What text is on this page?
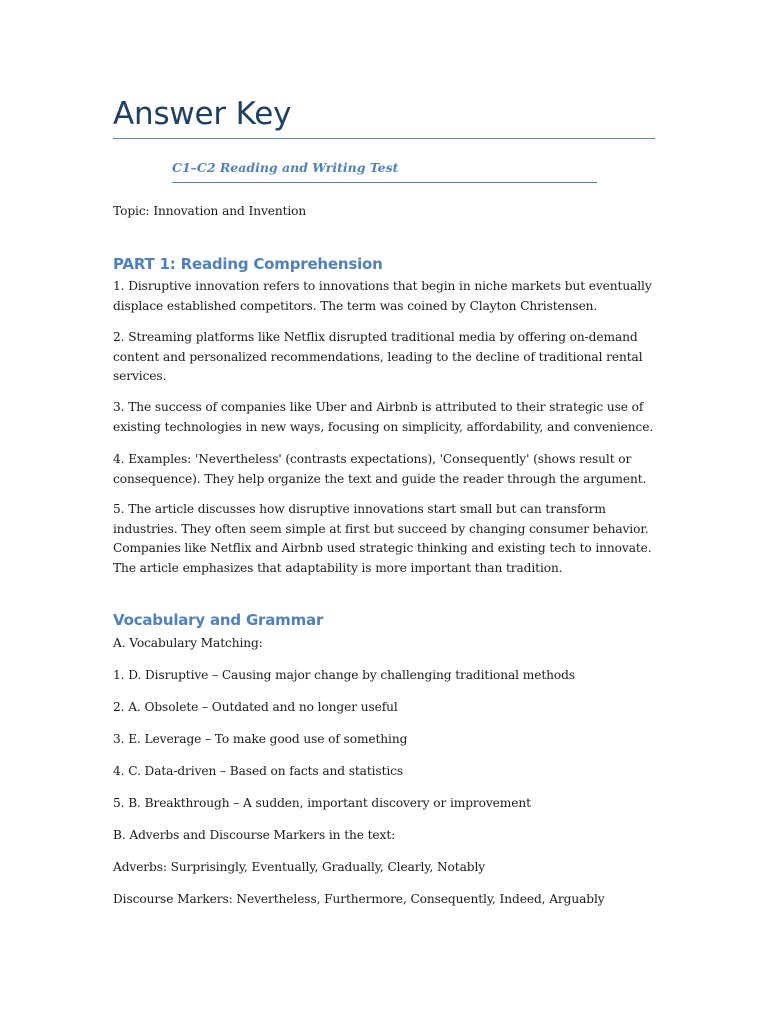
Answer Key
C1–C2 Reading and Writing Test

Topic: Innovation and Invention

PART 1: Reading Comprehension

1. Disruptive innovation refers to innovations that begin in niche markets but eventually displace established competitors. The term was coined by Clayton Christensen.

2. Streaming platforms like Netflix disrupted traditional media by offering on-demand content and personalized recommendations, leading to the decline of traditional rental services.

3. The success of companies like Uber and Airbnb is attributed to their strategic use of existing technologies in new ways, focusing on simplicity, affordability, and convenience.

4. Examples: 'Nevertheless' (contrasts expectations), 'Consequently' (shows result or consequence). They help organize the text and guide the reader through the argument.

5. The article discusses how disruptive innovations start small but can transform industries. They often seem simple at first but succeed by changing consumer behavior. Companies like Netflix and Airbnb used strategic thinking and existing tech to innovate. The article emphasizes that adaptability is more important than tradition.

Vocabulary and Grammar

A. Vocabulary Matching:

1. D. Disruptive – Causing major change by challenging traditional methods

2. A. Obsolete – Outdated and no longer useful

3. E. Leverage – To make good use of something

4. C. Data-driven – Based on facts and statistics

5. B. Breakthrough – A sudden, important discovery or improvement

B. Adverbs and Discourse Markers in the text:

Adverbs: Surprisingly, Eventually, Gradually, Clearly, Notably

Discourse Markers: Nevertheless, Furthermore, Consequently, Indeed, Arguably
